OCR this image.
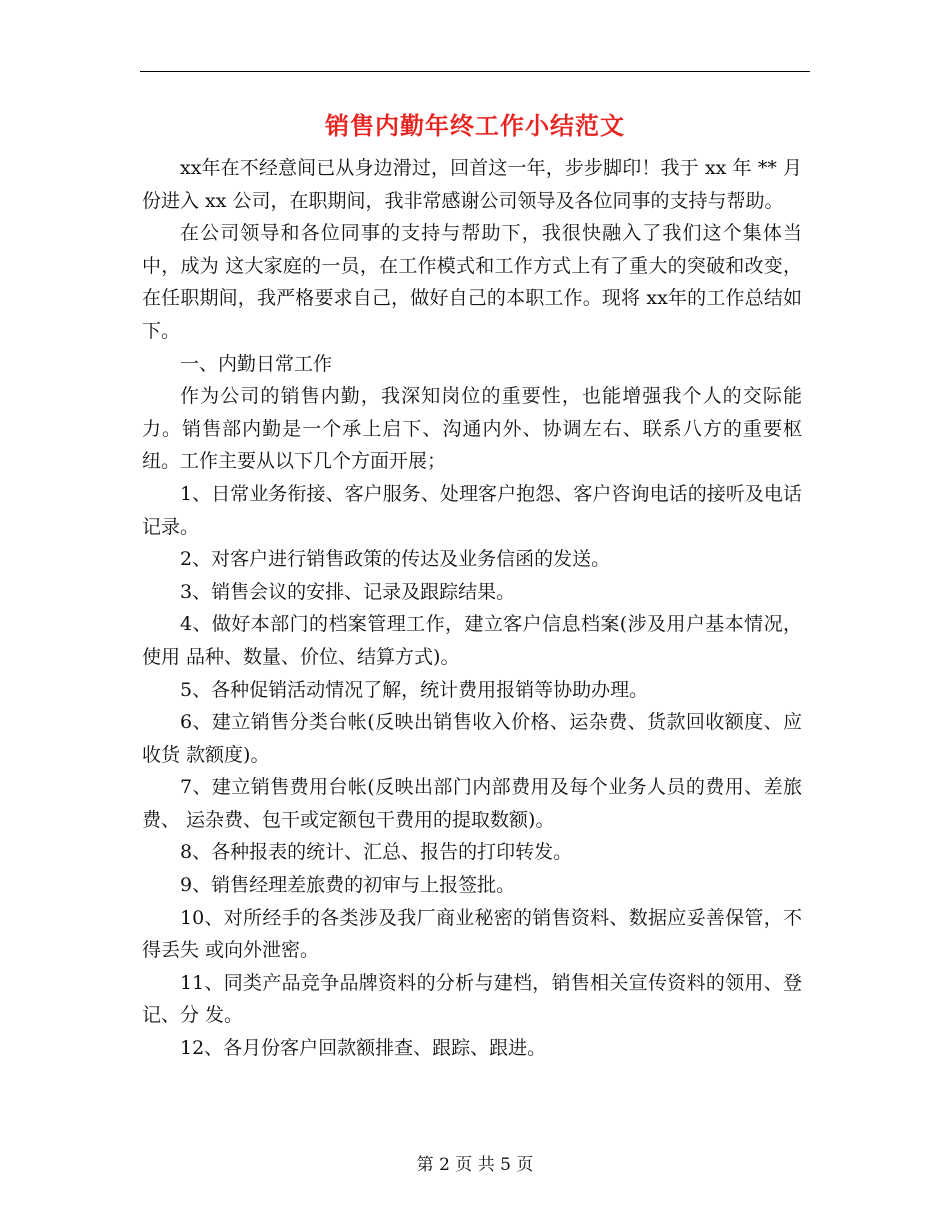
销售内勤年终工作小结范文

xx年在不经意间已从身边滑过，回首这一年，步步脚印！我于 xx 年 ** 月份进入 xx 公司，在职期间，我非常感谢公司领导及各位同事的支持与帮助。

在公司领导和各位同事的支持与帮助下，我很快融入了我们这个集体当中，成为 这大家庭的一员，在工作模式和工作方式上有了重大的突破和改变，在任职期间，我严格要求自己，做好自己的本职工作。现将 xx年的工作总结如下。

一、内勤日常工作

作为公司的销售内勤，我深知岗位的重要性，也能增强我个人的交际能力。销售部内勤是一个承上启下、沟通内外、协调左右、联系八方的重要枢纽。工作主要从以下几个方面开展；

1、日常业务衔接、客户服务、处理客户抱怨、客户咨询电话的接听及电话记录。

2、对客户进行销售政策的传达及业务信函的发送。

3、销售会议的安排、记录及跟踪结果。

4、做好本部门的档案管理工作，建立客户信息档案(涉及用户基本情况，使用 品种、数量、价位、结算方式)。

5、各种促销活动情况了解，统计费用报销等协助办理。

6、建立销售分类台帐(反映出销售收入价格、运杂费、货款回收额度、应收货 款额度)。

7、建立销售费用台帐(反映出部门内部费用及每个业务人员的费用、差旅费、 运杂费、包干或定额包干费用的提取数额)。

8、各种报表的统计、汇总、报告的打印转发。

9、销售经理差旅费的初审与上报签批。

10、对所经手的各类涉及我厂商业秘密的销售资料、数据应妥善保管，不得丢失 或向外泄密。

11、同类产品竞争品牌资料的分析与建档，销售相关宣传资料的领用、登记、分 发。

12、各月份客户回款额排查、跟踪、跟进。

第 2 页 共 5 页
